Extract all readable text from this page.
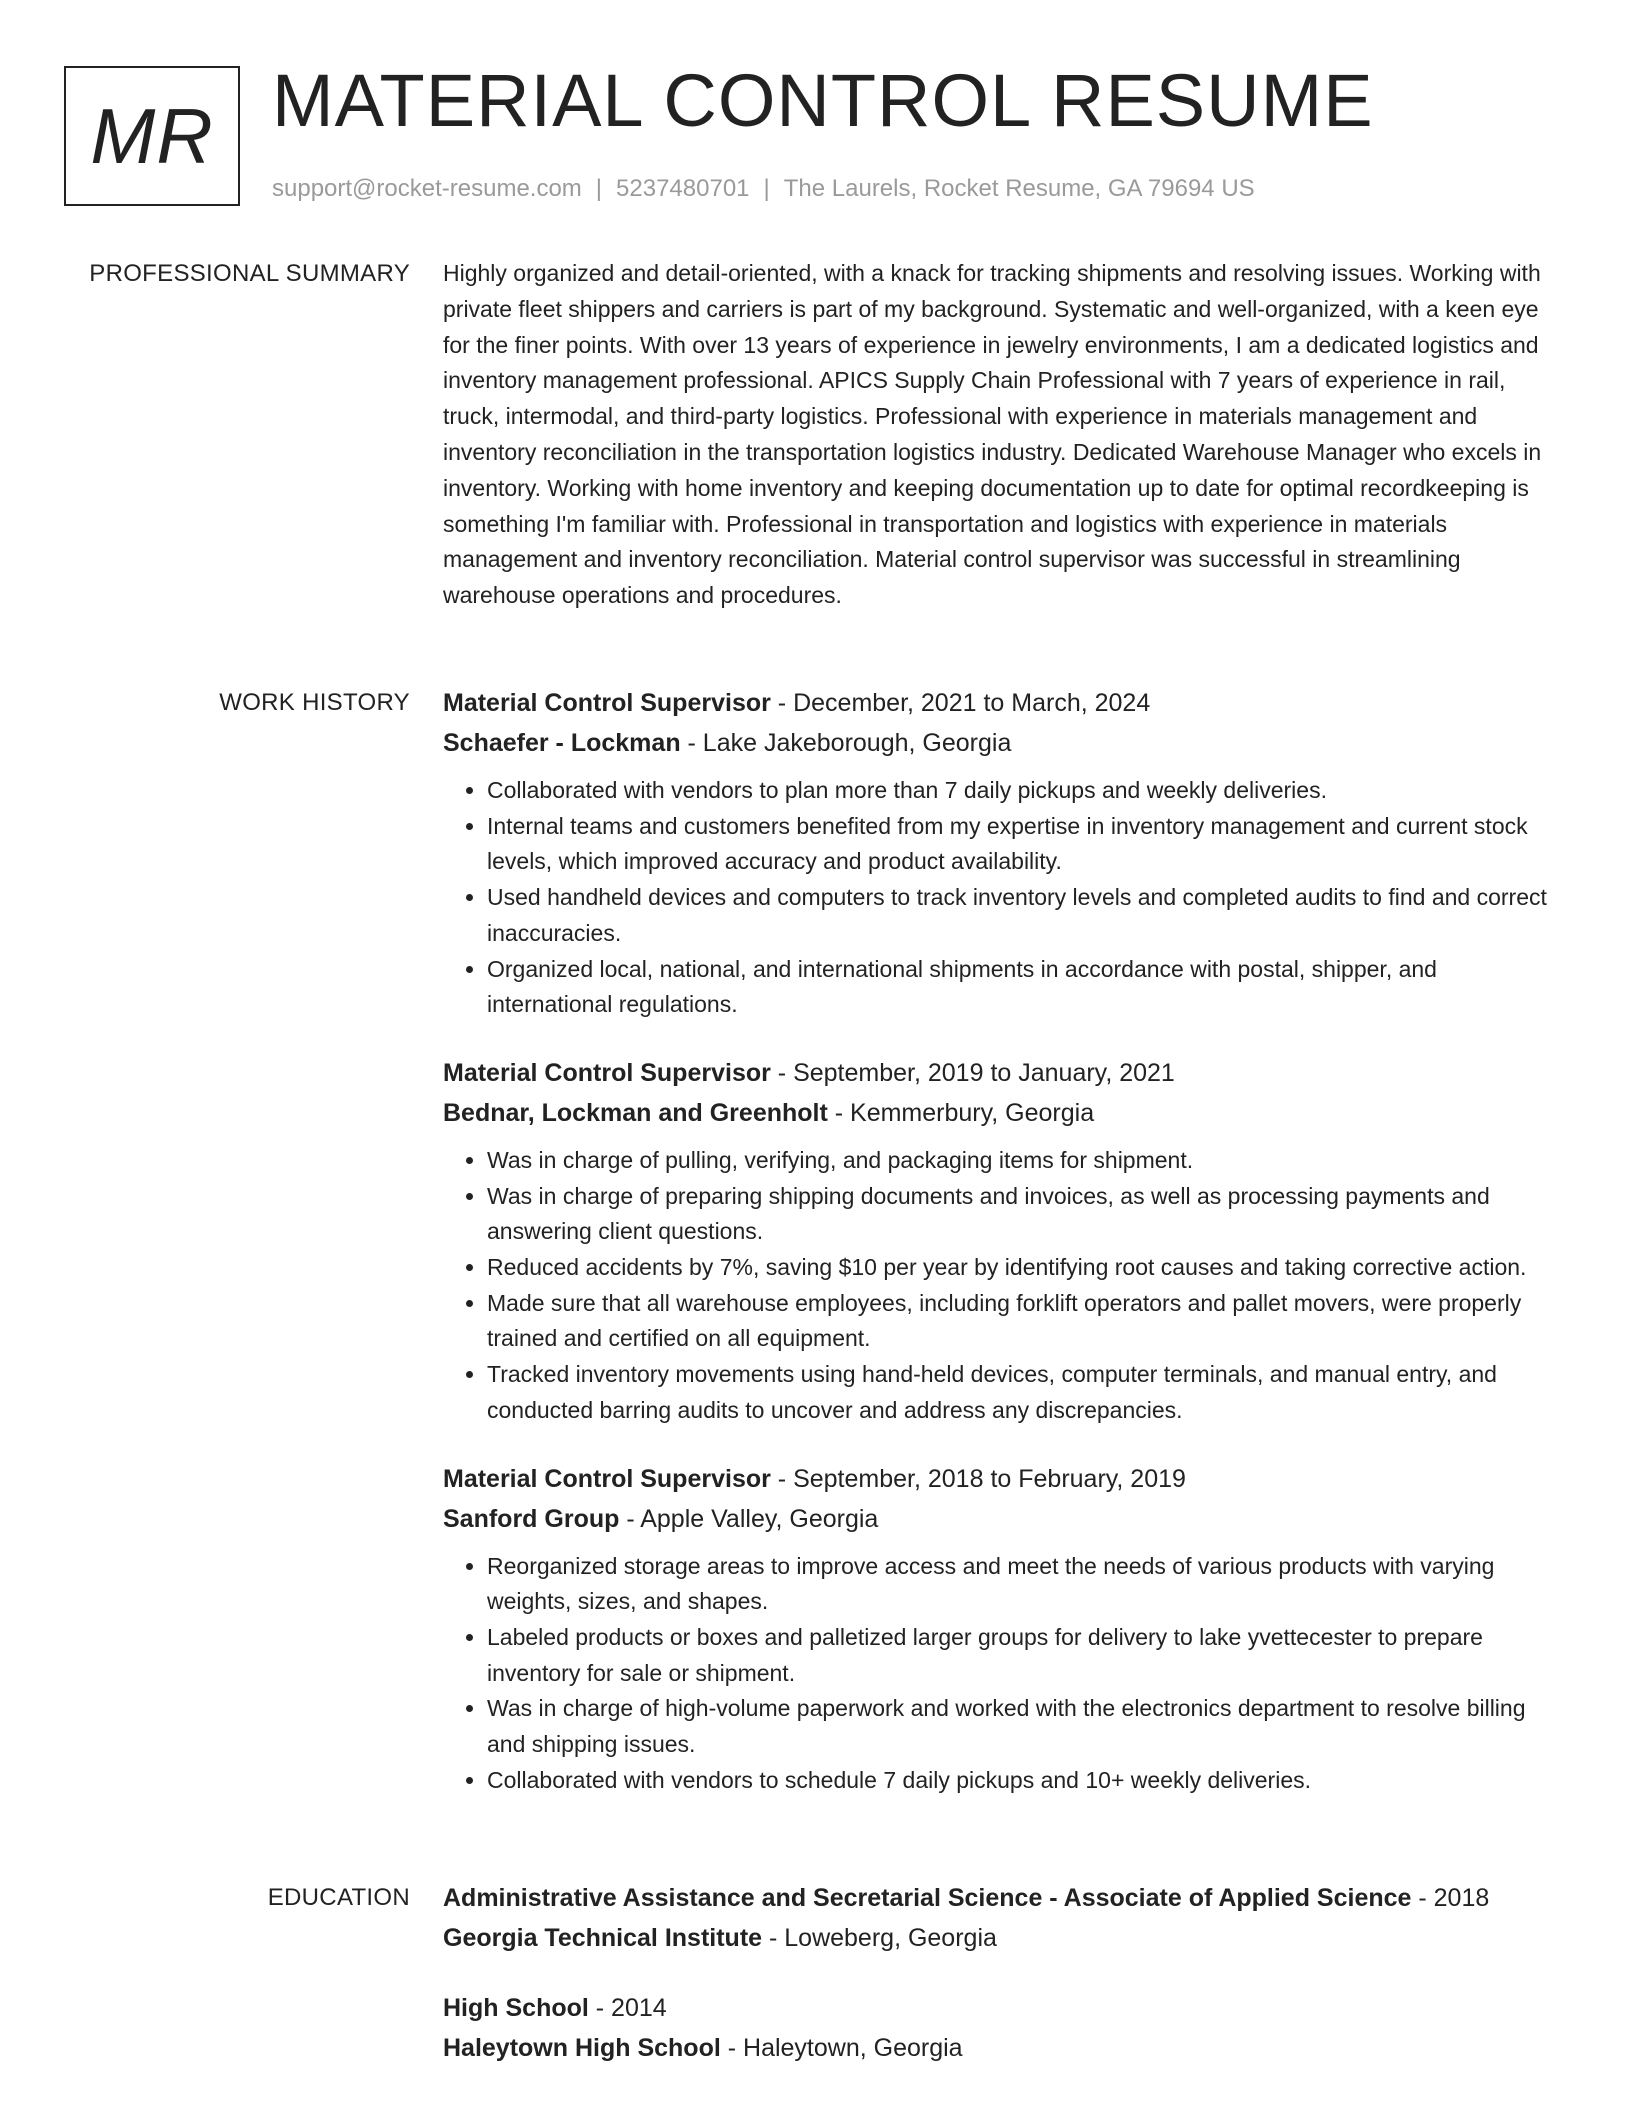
MR MATERIAL CONTROL RESUME
support@rocket-resume.com | 5237480701 | The Laurels, Rocket Resume, GA 79694 US
PROFESSIONAL SUMMARY Highly organized and detail-oriented, with a knack for tracking shipments and resolving issues. Working with private fleet shippers and carriers is part of my background. Systematic and well-organized, with a keen eye for the finer points. With over 13 years of experience in jewelry environments, I am a dedicated logistics and inventory management professional. APICS Supply Chain Professional with 7 years of experience in rail, truck, intermodal, and third-party logistics. Professional with experience in materials management and inventory reconciliation in the transportation logistics industry. Dedicated Warehouse Manager who excels in inventory. Working with home inventory and keeping documentation up to date for optimal recordkeeping is something I'm familiar with. Professional in transportation and logistics with experience in materials management and inventory reconciliation. Material control supervisor was successful in streamlining warehouse operations and procedures.

WORK HISTORY Material Control Supervisor - December, 2021 to March, 2024
Schaefer - Lockman - Lake Jakeborough, Georgia
• Collaborated with vendors to plan more than 7 daily pickups and weekly deliveries.
• Internal teams and customers benefited from my expertise in inventory management and current stock levels, which improved accuracy and product availability.
• Used handheld devices and computers to track inventory levels and completed audits to find and correct inaccuracies.
• Organized local, national, and international shipments in accordance with postal, shipper, and international regulations.
Material Control Supervisor - September, 2019 to January, 2021
Bednar, Lockman and Greenholt - Kemmerbury, Georgia
• Was in charge of pulling, verifying, and packaging items for shipment.
• Was in charge of preparing shipping documents and invoices, as well as processing payments and answering client questions.
• Reduced accidents by 7%, saving $10 per year by identifying root causes and taking corrective action.
• Made sure that all warehouse employees, including forklift operators and pallet movers, were properly trained and certified on all equipment.
• Tracked inventory movements using hand-held devices, computer terminals, and manual entry, and conducted barring audits to uncover and address any discrepancies.
Material Control Supervisor - September, 2018 to February, 2019
Sanford Group - Apple Valley, Georgia
• Reorganized storage areas to improve access and meet the needs of various products with varying weights, sizes, and shapes.
• Labeled products or boxes and palletized larger groups for delivery to lake yvettecester to prepare inventory for sale or shipment.
• Was in charge of high-volume paperwork and worked with the electronics department to resolve billing and shipping issues.
• Collaborated with vendors to schedule 7 daily pickups and 10+ weekly deliveries.
EDUCATION Administrative Assistance and Secretarial Science - Associate of Applied Science - 2018
Georgia Technical Institute - Loweberg, Georgia
High School - 2014
Haleytown High School - Haleytown, Georgia
